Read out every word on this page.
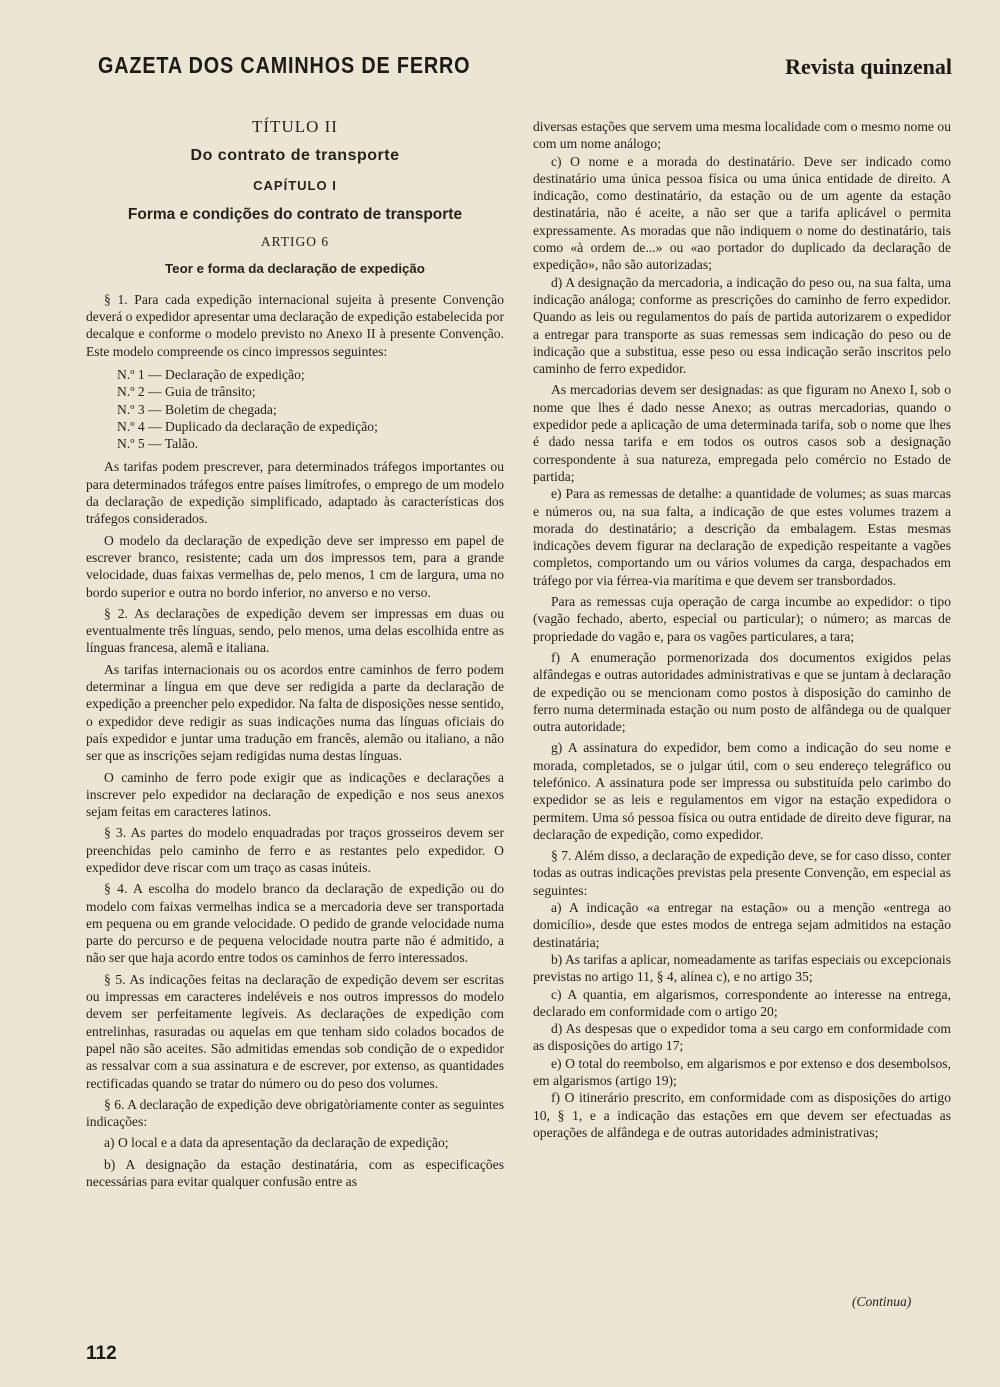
GAZETA DOS CAMINHOS DE FERRO	Revista quinzenal
TÍTULO II
Do contrato de transporte
CAPÍTULO I
Forma e condições do contrato de transporte
ARTIGO 6
Teor e forma da declaração de expedição

§ 1. Para cada expedição internacional sujeita à presente Convenção deverá o expedidor apresentar uma declaração de expedição estabelecida por decalque e conforme o modelo previsto no Anexo II à presente Convenção. Este modelo compreende os cinco impressos seguintes:

N.º 1 — Declaração de expedição;
N.º 2 — Guia de trânsito;
N.º 3 — Boletim de chegada;
N.º 4 — Duplicado da declaração de expedição;
N.º 5 — Talão.

As tarifas podem prescrever, para determinados tráfegos importantes ou para determinados tráfegos entre países limítrofes, o emprego de um modelo da declaração de expedição simplificado, adaptado às características dos tráfegos considerados.

O modelo da declaração de expedição deve ser impresso em papel de escrever branco, resistente; cada um dos impressos tem, para a grande velocidade, duas faixas vermelhas de, pelo menos, 1 cm de largura, uma no bordo superior e outra no bordo inferior, no anverso e no verso.

§ 2. As declarações de expedição devem ser impressas em duas ou eventualmente três línguas, sendo, pelo menos, uma delas escolhida entre as línguas francesa, alemã e italiana.

As tarifas internacionais ou os acordos entre caminhos de ferro podem determinar a língua em que deve ser redigida a parte da declaração de expedição a preencher pelo expedidor. Na falta de disposições nesse sentido, o expedidor deve redigir as suas indicações numa das línguas oficiais do país expedidor e juntar uma tradução em francês, alemão ou italiano, a não ser que as inscrições sejam redigidas numa destas línguas.

O caminho de ferro pode exigir que as indicações e declarações a inscrever pelo expedidor na declaração de expedição e nos seus anexos sejam feitas em caracteres latinos.

§ 3. As partes do modelo enquadradas por traços grosseiros devem ser preenchidas pelo caminho de ferro e as restantes pelo expedidor. O expedidor deve riscar com um traço as casas inúteis.

§ 4. A escolha do modelo branco da declaração de expedição ou do modelo com faixas vermelhas indica se a mercadoria deve ser transportada em pequena ou em grande velocidade. O pedido de grande velocidade numa parte do percurso e de pequena velocidade noutra parte não é admitido, a não ser que haja acordo entre todos os caminhos de ferro interessados.

§ 5. As indicações feitas na declaração de expedição devem ser escritas ou impressas em caracteres indeléveis e nos outros impressos do modelo devem ser perfeitamente legíveis. As declarações de expedição com entrelinhas, rasuradas ou aquelas em que tenham sido colados bocados de papel não são aceites. São admitidas emendas sob condição de o expedidor as ressalvar com a sua assinatura e de escrever, por extenso, as quantidades rectificadas quando se tratar do número ou do peso dos volumes.

§ 6. A declaração de expedição deve obrigatòriamente conter as seguintes indicações:

a) O local e a data da apresentação da declaração de expedição;

b) A designação da estação destinatária, com as especificações necessárias para evitar qualquer confusão entre as

diversas estações que servem uma mesma localidade com o mesmo nome ou com um nome análogo;

c) O nome e a morada do destinatário. Deve ser indicado como destinatário uma única pessoa física ou uma única entidade de direito. A indicação, como destinatário, da estação ou de um agente da estação destinatária, não é aceite, a não ser que a tarifa aplicável o permita expressamente. As moradas que não indiquem o nome do destinatário, tais como «à ordem de...» ou «ao portador do duplicado da declaração de expedição», não são autorizadas;

d) A designação da mercadoria, a indicação do peso ou, na sua falta, uma indicação análoga; conforme as prescrições do caminho de ferro expedidor. Quando as leis ou regulamentos do país de partida autorizarem o expedidor a entregar para transporte as suas remessas sem indicação do peso ou de indicação que a substitua, esse peso ou essa indicação serão inscritos pelo caminho de ferro expedidor.

As mercadorias devem ser designadas: as que figuram no Anexo I, sob o nome que lhes é dado nesse Anexo; as outras mercadorias, quando o expedidor pede a aplicação de uma determinada tarifa, sob o nome que lhes é dado nessa tarifa e em todos os outros casos sob a designação correspondente à sua natureza, empregada pelo comércio no Estado de partida;

e) Para as remessas de detalhe: a quantidade de volumes; as suas marcas e números ou, na sua falta, a indicação de que estes volumes trazem a morada do destinatário; a descrição da embalagem. Estas mesmas indicações devem figurar na declaração de expedição respeitante a vagões completos, comportando um ou vários volumes da carga, despachados em tráfego por via férrea-via marítima e que devem ser transbordados.

Para as remessas cuja operação de carga incumbe ao expedidor: o tipo (vagão fechado, aberto, especial ou particular); o número; as marcas de propriedade do vagão e, para os vagões particulares, a tara;

f) A enumeração pormenorizada dos documentos exigidos pelas alfândegas e outras autoridades administrativas e que se juntam à declaração de expedição ou se mencionam como postos à disposição do caminho de ferro numa determinada estação ou num posto de alfândega ou de qualquer outra autoridade;

g) A assinatura do expedidor, bem como a indicação do seu nome e morada, completados, se o julgar útil, com o seu endereço telegráfico ou telefónico. A assinatura pode ser impressa ou substituída pelo carimbo do expedidor se as leis e regulamentos em vigor na estação expedidora o permitem. Uma só pessoa física ou outra entidade de direito deve figurar, na declaração de expedição, como expedidor.

§ 7. Além disso, a declaração de expedição deve, se for caso disso, conter todas as outras indicações previstas pela presente Convenção, em especial as seguintes:

a) A indicação «a entregar na estação» ou a menção «entrega ao domicílio», desde que estes modos de entrega sejam admitidos na estação destinatária;

b) As tarifas a aplicar, nomeadamente as tarifas especiais ou excepcionais previstas no artigo 11, § 4, alínea c), e no artigo 35;

c) A quantia, em algarismos, correspondente ao interesse na entrega, declarado em conformidade com o artigo 20;

d) As despesas que o expedidor toma a seu cargo em conformidade com as disposições do artigo 17;

e) O total do reembolso, em algarismos e por extenso e dos desembolsos, em algarismos (artigo 19);

f) O itinerário prescrito, em conformidade com as disposições do artigo 10, § 1, e a indicação das estações em que devem ser efectuadas as operações de alfândega e de outras autoridades administrativas;

(Continua)
112
